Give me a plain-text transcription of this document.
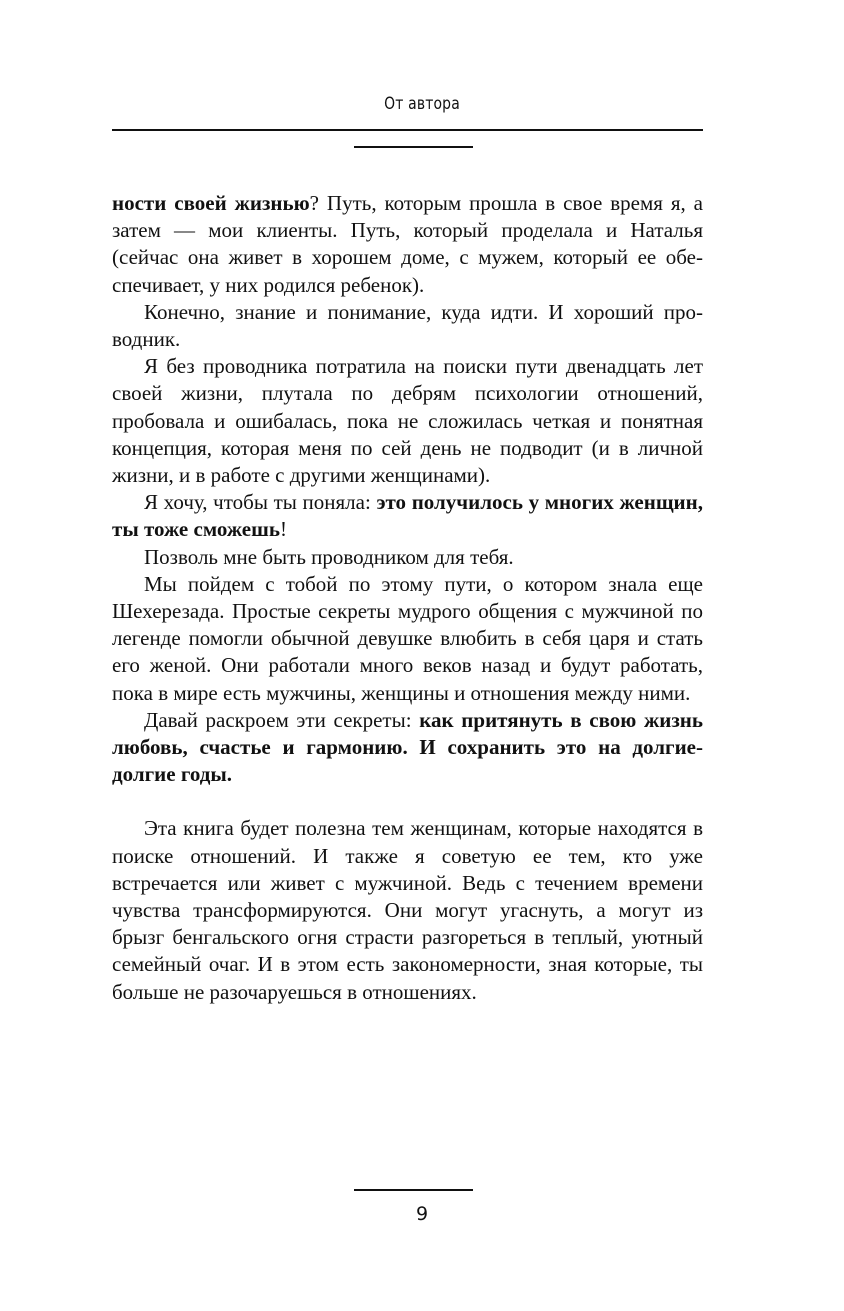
От автора

ности своей жизнью? Путь, которым прошла в свое время я, а затем — мои клиенты. Путь, который проделала и Наталья (сейчас она живет в хорошем доме, с мужем, который ее обеспечивает, у них родился ребенок).

Конечно, знание и понимание, куда идти. И хороший проводник.

Я без проводника потратила на поиски пути двенадцать лет своей жизни, плутала по дебрям психологии отношений, пробовала и ошибалась, пока не сложилась четкая и понятная концепция, которая меня по сей день не подводит (и в личной жизни, и в работе с другими женщинами).

Я хочу, чтобы ты поняла: это получилось у многих женщин, ты тоже сможешь!

Позволь мне быть проводником для тебя.

Мы пойдем с тобой по этому пути, о котором знала еще Шехерезада. Простые секреты мудрого общения с мужчиной по легенде помогли обычной девушке влюбить в себя царя и стать его женой. Они работали много веков назад и будут работать, пока в мире есть мужчины, женщины и отношения между ними.

Давай раскроем эти секреты: как притянуть в свою жизнь любовь, счастье и гармонию. И сохранить это на долгие-долгие годы.

Эта книга будет полезна тем женщинам, которые находятся в поиске отношений. И также я советую ее тем, кто уже встречается или живет с мужчиной. Ведь с течением времени чувства трансформируются. Они могут угаснуть, а могут из брызг бенгальского огня страсти разгореться в теплый, уютный семейный очаг. И в этом есть закономерности, зная которые, ты больше не разочаруешься в отношениях.

9
